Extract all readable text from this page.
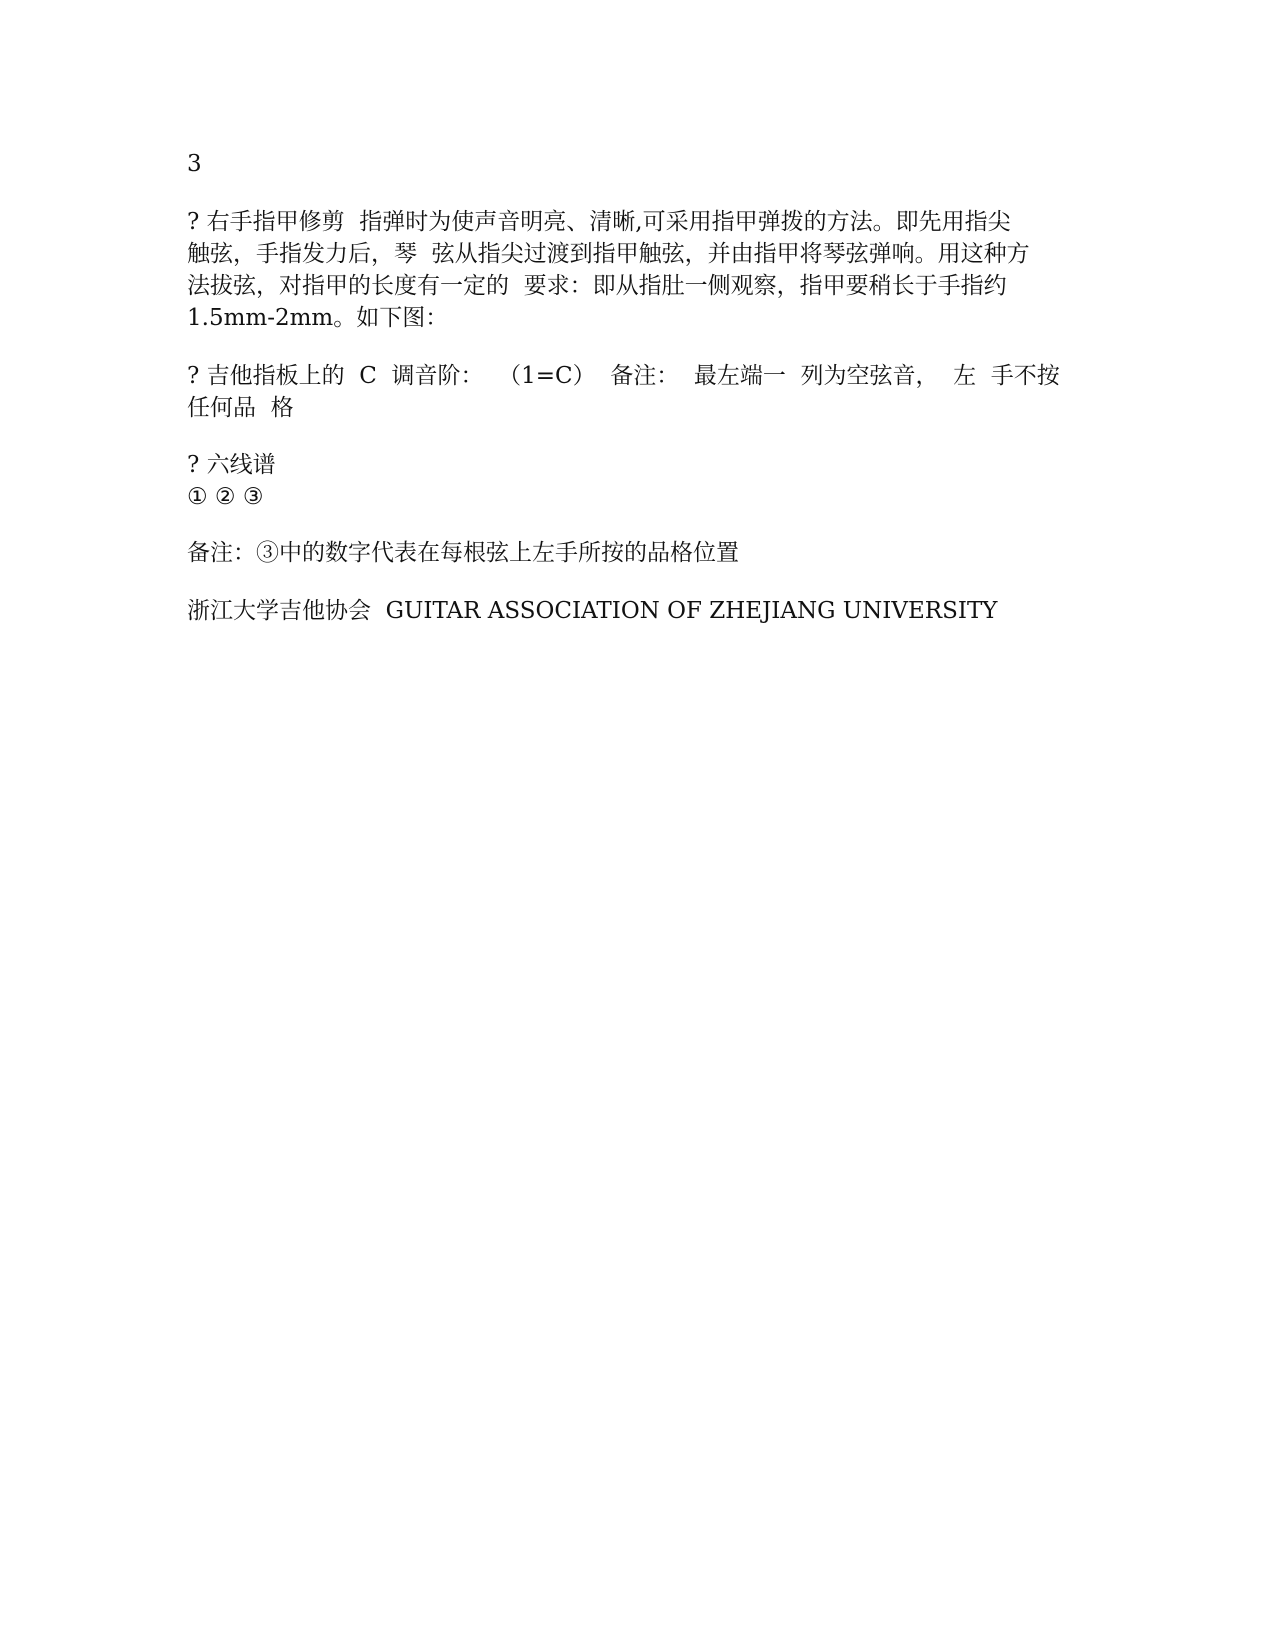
3
? 右手指甲修剪  指弹时为使声音明亮、清晰,可采用指甲弹拨的方法。即先用指尖
触弦，手指发力后，琴  弦从指尖过渡到指甲触弦，并由指甲将琴弦弹响。用这种方
法拔弦，对指甲的长度有一定的  要求：即从指肚一侧观察，指甲要稍长于手指约
1.5mm-2mm。如下图：
? 吉他指板上的  C  调音阶：  （1=C）  备注：  最左端一  列为空弦音，  左  手不按
任何品  格
? 六线谱
① ② ③
备注：③中的数字代表在每根弦上左手所按的品格位置
浙江大学吉他协会  GUITAR ASSOCIATION OF ZHEJIANG UNIVERSITY
